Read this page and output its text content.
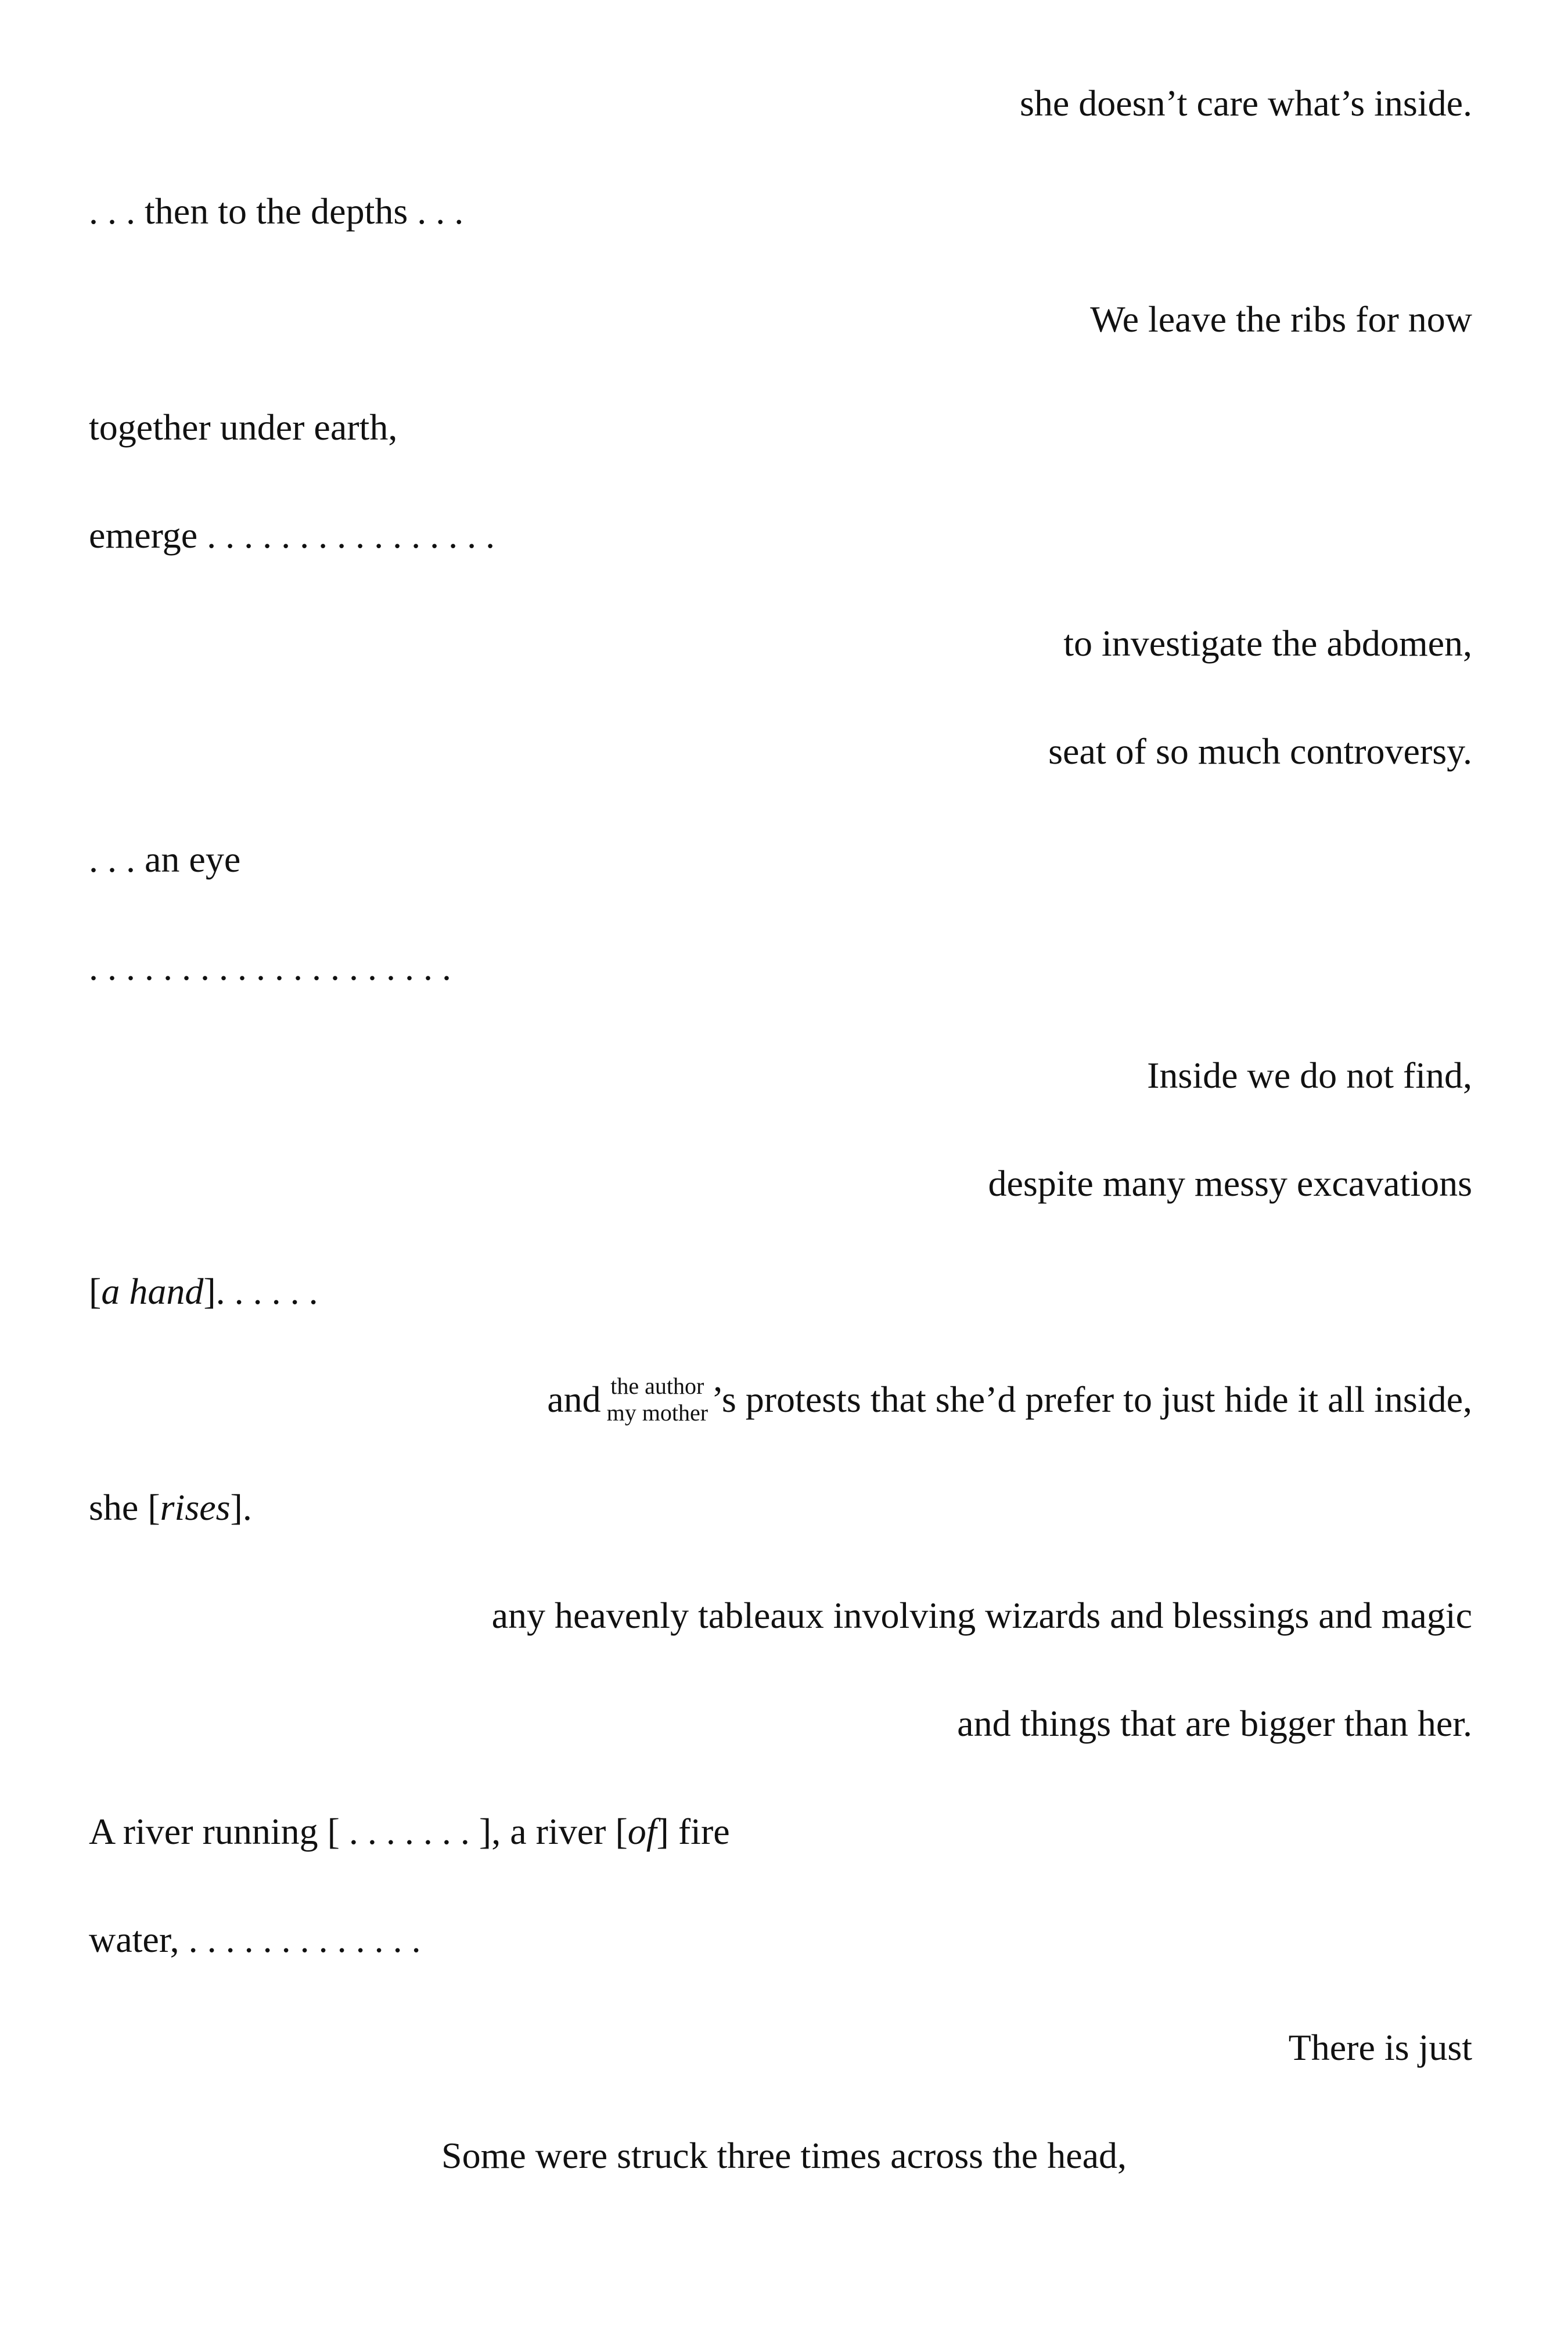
she doesn’t care what’s inside.
. . . then to the depths . . .
We leave the ribs for now
together under earth,
emerge . . . . . . . . . . . . . . . .
to investigate the abdomen,
seat of so much controversy.
. . . an eye
. . . . . . . . . . . . . . . . . . . .
Inside we do not find,
despite many messy excavations
[a hand]. . . . . .
and the author
my mother ’s protests that she’d prefer to just hide it all inside,
she [rises].
any heavenly tableaux involving wizards and blessings and magic
and things that are bigger than her.
A river running [ . . . . . . . ], a river [of] fire
water, . . . . . . . . . . . . .
There is just
Some were struck three times across the head,
